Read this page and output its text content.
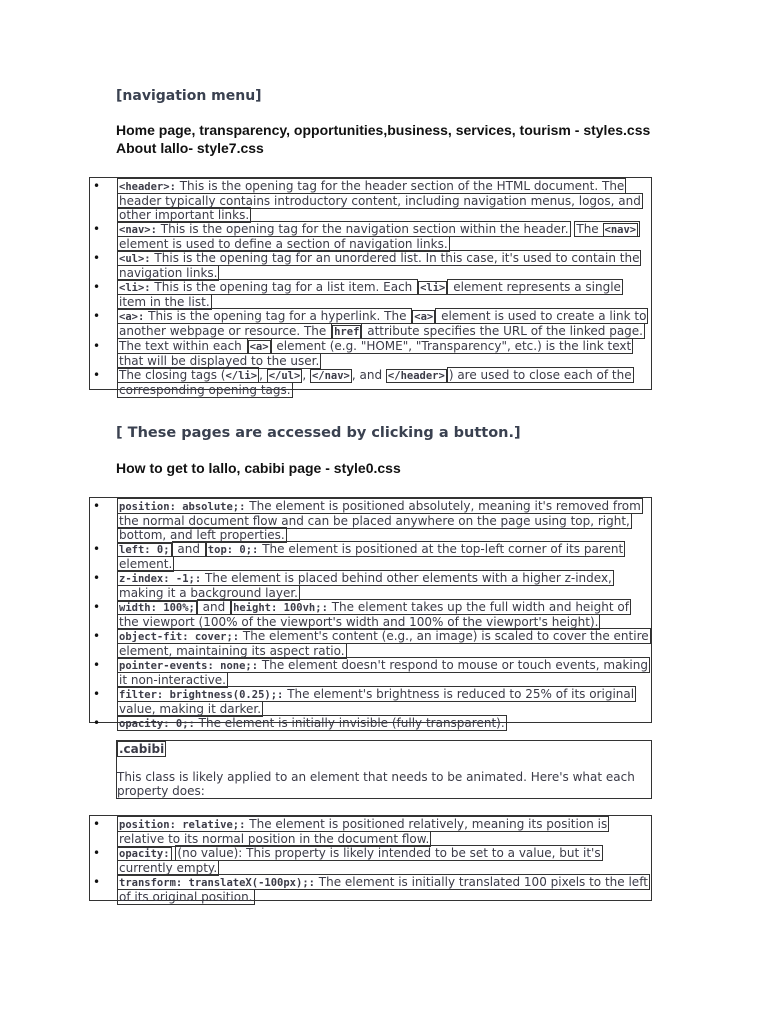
[navigation menu]
Home page, transparency, opportunities,business, services, tourism - styles.css
About lallo- style7.css
• <header>: This is the opening tag for the header section of the HTML document. The header typically contains introductory content, including navigation menus, logos, and other important links.
• <nav>: This is the opening tag for the navigation section within the header. The <nav> element is used to define a section of navigation links.
• <ul>: This is the opening tag for an unordered list. In this case, it's used to contain the navigation links.
• <li>: This is the opening tag for a list item. Each <li> element represents a single item in the list.
• <a>: This is the opening tag for a hyperlink. The <a> element is used to create a link to another webpage or resource. The href attribute specifies the URL of the linked page.
• The text within each <a> element (e.g. "HOME", "Transparency", etc.) is the link text that will be displayed to the user.
• The closing tags (</li> , </ul> , </nav> , and </header> ) are used to close each of the corresponding opening tags.
[ These pages are accessed by clicking a button.]
How to get to lallo, cabibi page - style0.css
• position: absolute;: The element is positioned absolutely, meaning it's removed from the normal document flow and can be placed anywhere on the page using top, right, bottom, and left properties.
• left: 0; and top: 0;: The element is positioned at the top-left corner of its parent element.
• z-index: -1;: The element is placed behind other elements with a higher z-index, making it a background layer.
• width: 100%; and height: 100vh;: The element takes up the full width and height of the viewport (100% of the viewport's width and 100% of the viewport's height).
• object-fit: cover;: The element's content (e.g., an image) is scaled to cover the entire element, maintaining its aspect ratio.
• pointer-events: none;: The element doesn't respond to mouse or touch events, making it non-interactive.
• filter: brightness(0.25);: The element's brightness is reduced to 25% of its original value, making it darker.
• opacity: 0;: The element is initially invisible (fully transparent).
.cabibi
This class is likely applied to an element that needs to be animated. Here's what each property does:
• position: relative;: The element is positioned relatively, meaning its position is relative to its normal position in the document flow.
• opacity: (no value): This property is likely intended to be set to a value, but it's currently empty.
• transform: translateX(-100px);: The element is initially translated 100 pixels to the left of its original position.
